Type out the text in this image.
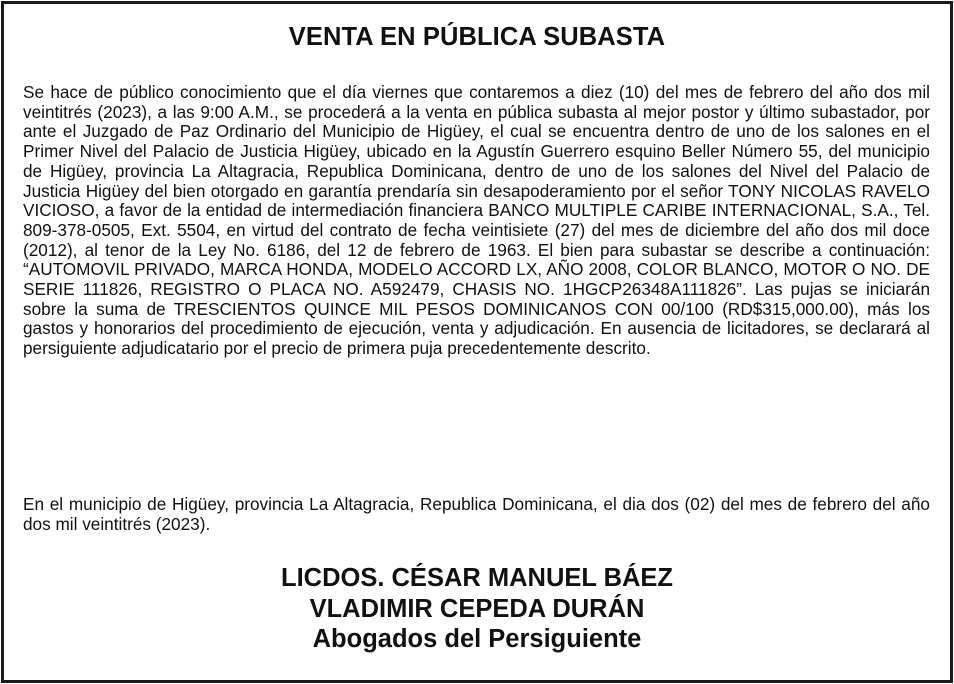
VENTA EN PÚBLICA SUBASTA

Se hace de público conocimiento que el día viernes que contaremos a diez (10) del mes de febrero del año dos mil veintitrés (2023), a las 9:00 A.M., se procederá a la venta en pública subasta al mejor postor y último subastador, por ante el Juzgado de Paz Ordinario del Municipio de Higüey, el cual se encuentra dentro de uno de los salones en el Primer Nivel del Palacio de Justicia Higüey, ubicado en la Agustín Guerrero esquino Beller Número 55, del municipio de Higüey, provincia La Altagracia, Republica Dominicana, dentro de uno de los salones del Nivel del Palacio de Justicia Higüey del bien otorgado en garantía prendaría sin desapoderamiento por el señor TONY NICOLAS RAVELO VICIOSO, a favor de la entidad de intermediación financiera BANCO MULTIPLE CARIBE INTERNACIONAL, S.A., Tel. 809-378-0505, Ext. 5504, en virtud del contrato de fecha veintisiete (27) del mes de diciembre del año dos mil doce (2012), al tenor de la Ley No. 6186, del 12 de febrero de 1963. El bien para subastar se describe a continuación: “AUTOMOVIL PRIVADO, MARCA HONDA, MODELO ACCORD LX, AÑO 2008, COLOR BLANCO, MOTOR O NO. DE SERIE 111826, REGISTRO O PLACA NO. A592479, CHASIS NO. 1HGCP26348A111826”. Las pujas se iniciarán sobre la suma de TRESCIENTOS QUINCE MIL PESOS DOMINICANOS CON 00/100 (RD$315,000.00), más los gastos y honorarios del procedimiento de ejecución, venta y adjudicación. En ausencia de licitadores, se declarará al persiguiente adjudicatario por el precio de primera puja precedentemente descrito.

En el municipio de Higüey, provincia La Altagracia, Republica Dominicana, el dia dos (02) del mes de febrero del año dos mil veintitrés (2023).

LICDOS. CÉSAR MANUEL BÁEZ
VLADIMIR CEPEDA DURÁN
Abogados del Persiguiente
